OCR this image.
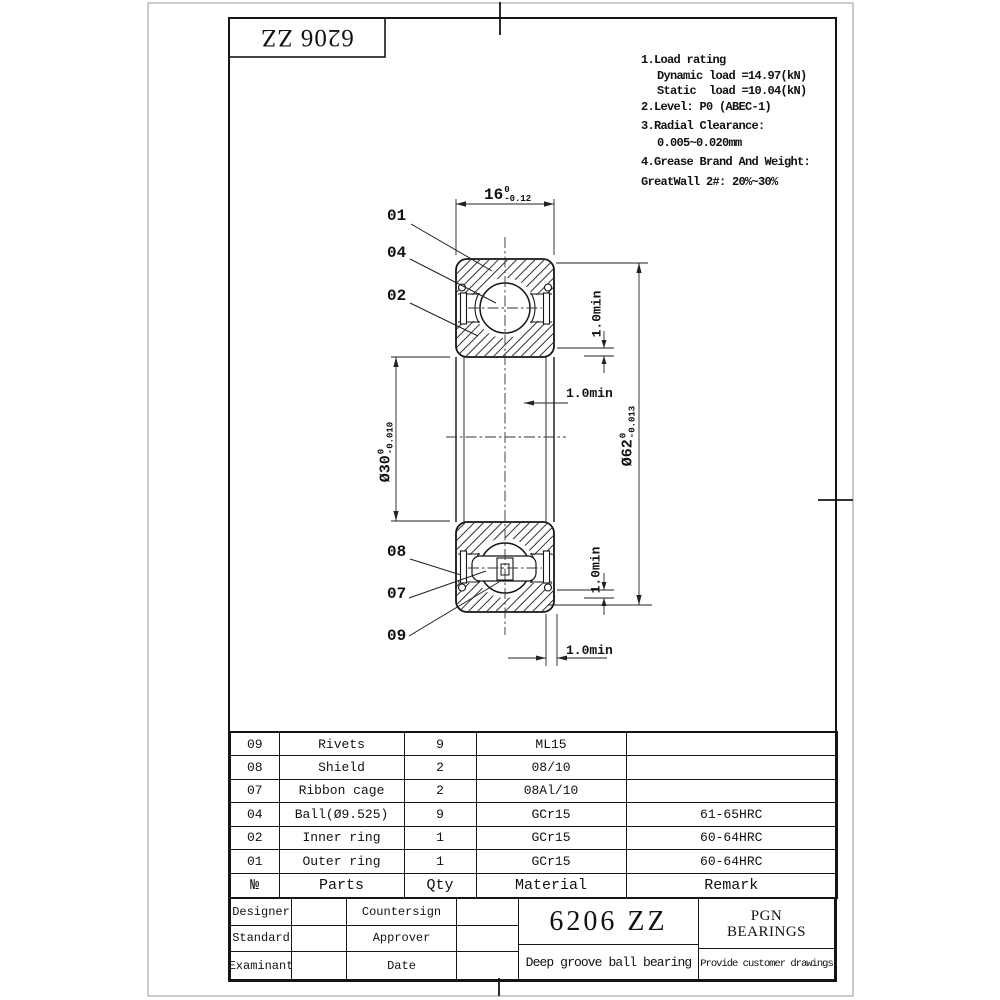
6206 ZZ
1.Load rating
Dynamic load =14.97(kN)
Static  load =10.04(kN)
2.Level: P0 (ABEC-1)
3.Radial Clearance:
0.005~0.020mm
4.Grease Brand And Weight:
GreatWall 2#: 20%~30%
01
04
02
08
07
09
16 0
-0.12
Ø30
0
-0.010	Ø62
0
-0.013
1.0min
1.0min
1.0min
1.0min
09	Rivets	9	ML15	
08	Shield	2	08/10	
07	Ribbon cage	2	08Al/10	
04	Ball(Ø9.525)	9	GCr15	61-65HRC
02	Inner ring	1	GCr15	60-64HRC
01	Outer ring	1	GCr15	60-64HRC
№	Parts	Qty	Material	Remark
Designer	Countersign
Standard	Approver
Examinant	Date
6206 ZZ
Deep groove ball bearing
PGN
BEARINGS
Provide customer drawings
